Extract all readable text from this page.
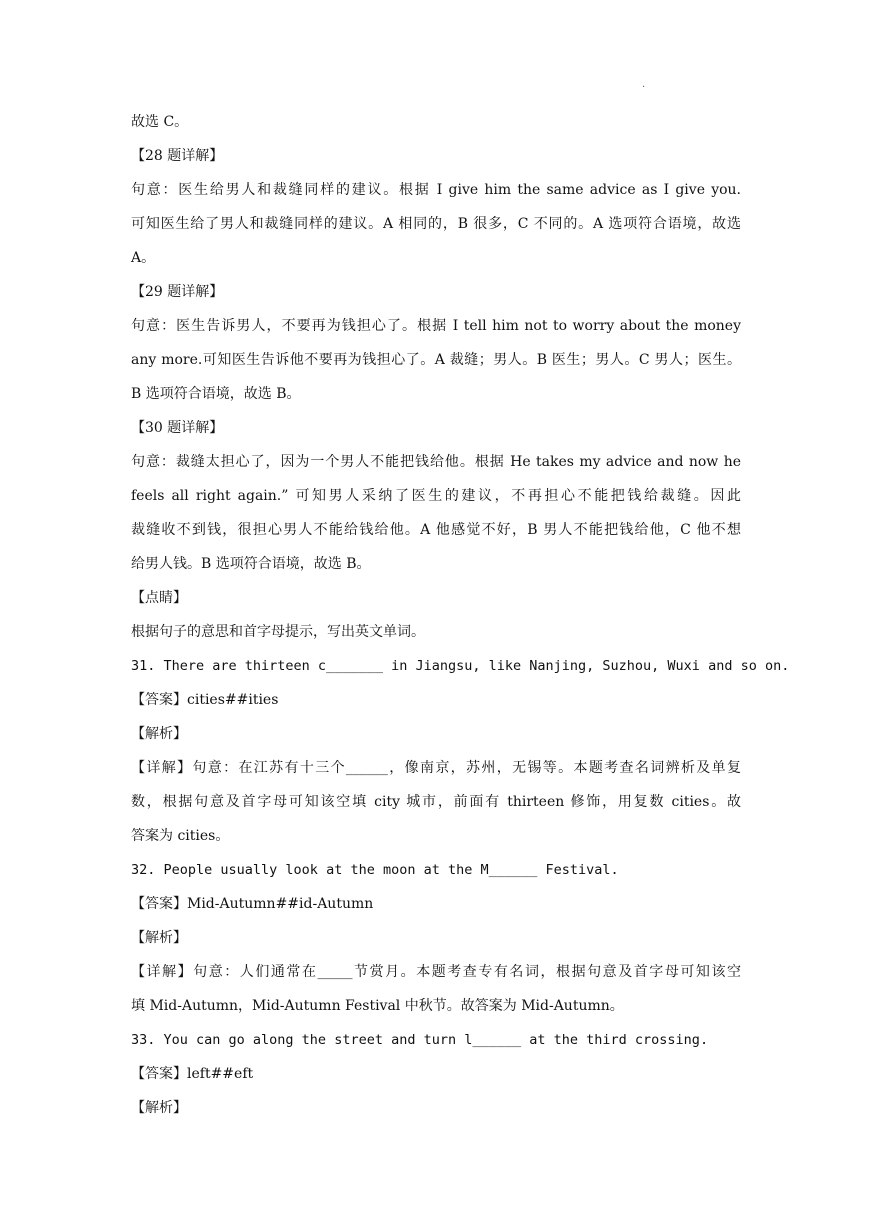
.
故选 C。
【28 题详解】
句意：医生给男人和裁缝同样的建议。根据 I give him the same advice as I give you.
可知医生给了男人和裁缝同样的建议。A 相同的，B 很多，C 不同的。A 选项符合语境，故选
A。
【29 题详解】
句意：医生告诉男人，不要再为钱担心了。根据 I tell him not to worry about the money
any more.可知医生告诉他不要再为钱担心了。A 裁缝；男人。B 医生；男人。C 男人；医生。
B 选项符合语境，故选 B。
【30 题详解】
句意：裁缝太担心了，因为一个男人不能把钱给他。根据 He takes my advice and now he
feels all right again.” 可知男人采纳了医生的建议，不再担心不能把钱给裁缝。因此
裁缝收不到钱，很担心男人不能给钱给他。A 他感觉不好，B 男人不能把钱给他，C 他不想
给男人钱。B 选项符合语境，故选 B。
【点睛】
根据句子的意思和首字母提示，写出英文单词。
31. There are thirteen c_______ in Jiangsu, like Nanjing, Suzhou, Wuxi and so on.
【答案】cities##ities
【解析】
【详解】句意：在江苏有十三个______，像南京，苏州，无锡等。本题考查名词辨析及单复
数，根据句意及首字母可知该空填 city 城市，前面有 thirteen 修饰，用复数 cities。故
答案为 cities。
32. People usually look at the moon at the M______ Festival.
【答案】Mid-Autumn##id-Autumn
【解析】
【详解】句意：人们通常在_____节赏月。本题考查专有名词，根据句意及首字母可知该空
填 Mid-Autumn，Mid-Autumn Festival 中秋节。故答案为 Mid-Autumn。
33. You can go along the street and turn l______ at the third crossing.
【答案】left##eft
【解析】
